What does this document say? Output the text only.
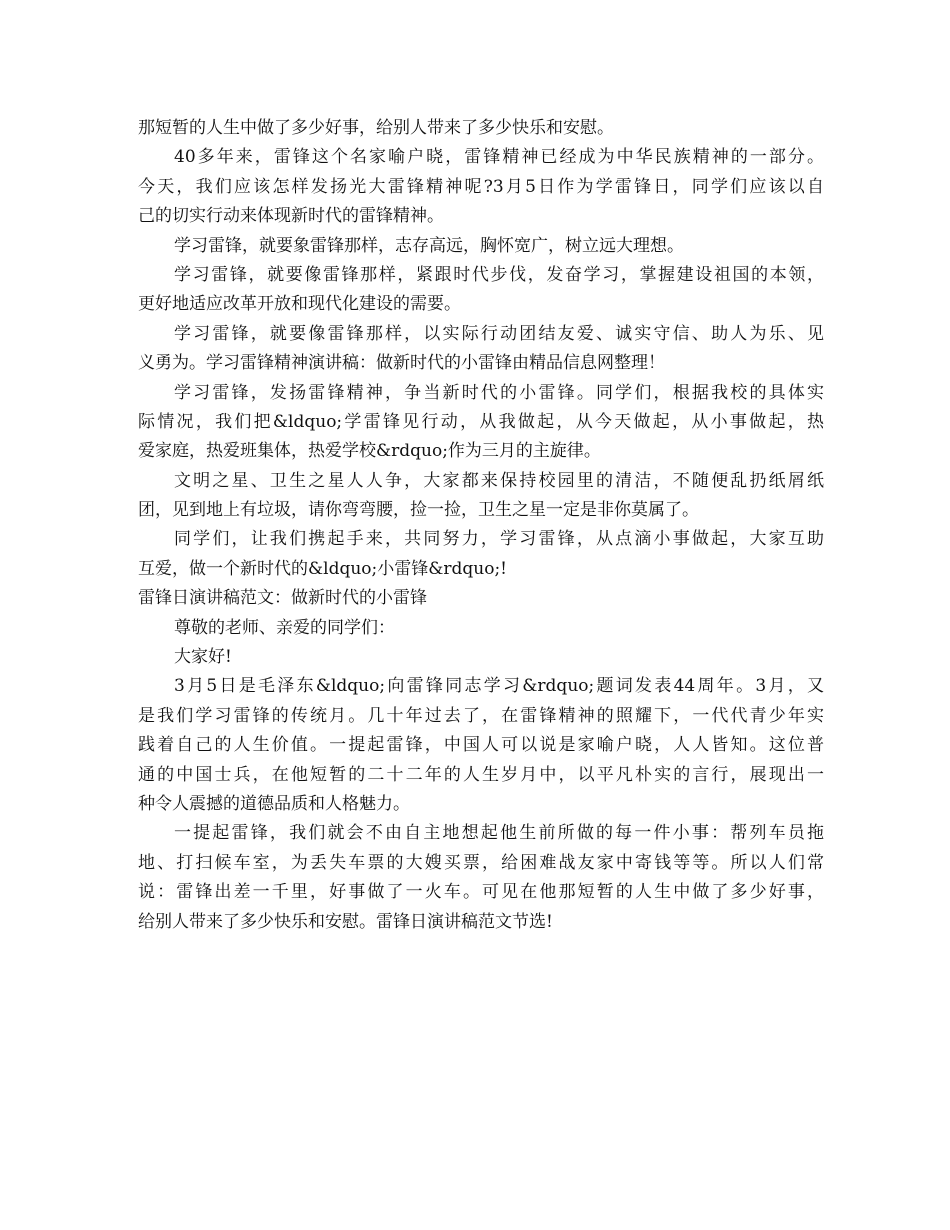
那短暂的人生中做了多少好事，给别人带来了多少快乐和安慰。
40多年来，雷锋这个名家喻户晓，雷锋精神已经成为中华民族精神的一部分。
今天，我们应该怎样发扬光大雷锋精神呢?3月5日作为学雷锋日，同学们应该以自
己的切实行动来体现新时代的雷锋精神。
学习雷锋，就要象雷锋那样，志存高远，胸怀宽广，树立远大理想。
学习雷锋，就要像雷锋那样，紧跟时代步伐，发奋学习，掌握建设祖国的本领，
更好地适应改革开放和现代化建设的需要。
学习雷锋，就要像雷锋那样，以实际行动团结友爱、诚实守信、助人为乐、见
义勇为。学习雷锋精神演讲稿：做新时代的小雷锋由精品信息网整理！
学习雷锋，发扬雷锋精神，争当新时代的小雷锋。同学们，根据我校的具体实
际情况，我们把&ldquo;学雷锋见行动，从我做起，从今天做起，从小事做起，热
爱家庭，热爱班集体，热爱学校&rdquo;作为三月的主旋律。
文明之星、卫生之星人人争，大家都来保持校园里的清洁，不随便乱扔纸屑纸
团，见到地上有垃圾，请你弯弯腰，捡一捡，卫生之星一定是非你莫属了。
同学们，让我们携起手来，共同努力，学习雷锋，从点滴小事做起，大家互助
互爱，做一个新时代的&ldquo;小雷锋&rdquo;!
雷锋日演讲稿范文：做新时代的小雷锋
尊敬的老师、亲爱的同学们：
大家好!
3月5日是毛泽东&ldquo;向雷锋同志学习&rdquo;题词发表44周年。3月，又
是我们学习雷锋的传统月。几十年过去了，在雷锋精神的照耀下，一代代青少年实
践着自己的人生价值。一提起雷锋，中国人可以说是家喻户晓，人人皆知。这位普
通的中国士兵，在他短暂的二十二年的人生岁月中，以平凡朴实的言行，展现出一
种令人震撼的道德品质和人格魅力。
一提起雷锋，我们就会不由自主地想起他生前所做的每一件小事：帮列车员拖
地、打扫候车室，为丢失车票的大嫂买票，给困难战友家中寄钱等等。所以人们常
说：雷锋出差一千里，好事做了一火车。可见在他那短暂的人生中做了多少好事，
给别人带来了多少快乐和安慰。雷锋日演讲稿范文节选!
